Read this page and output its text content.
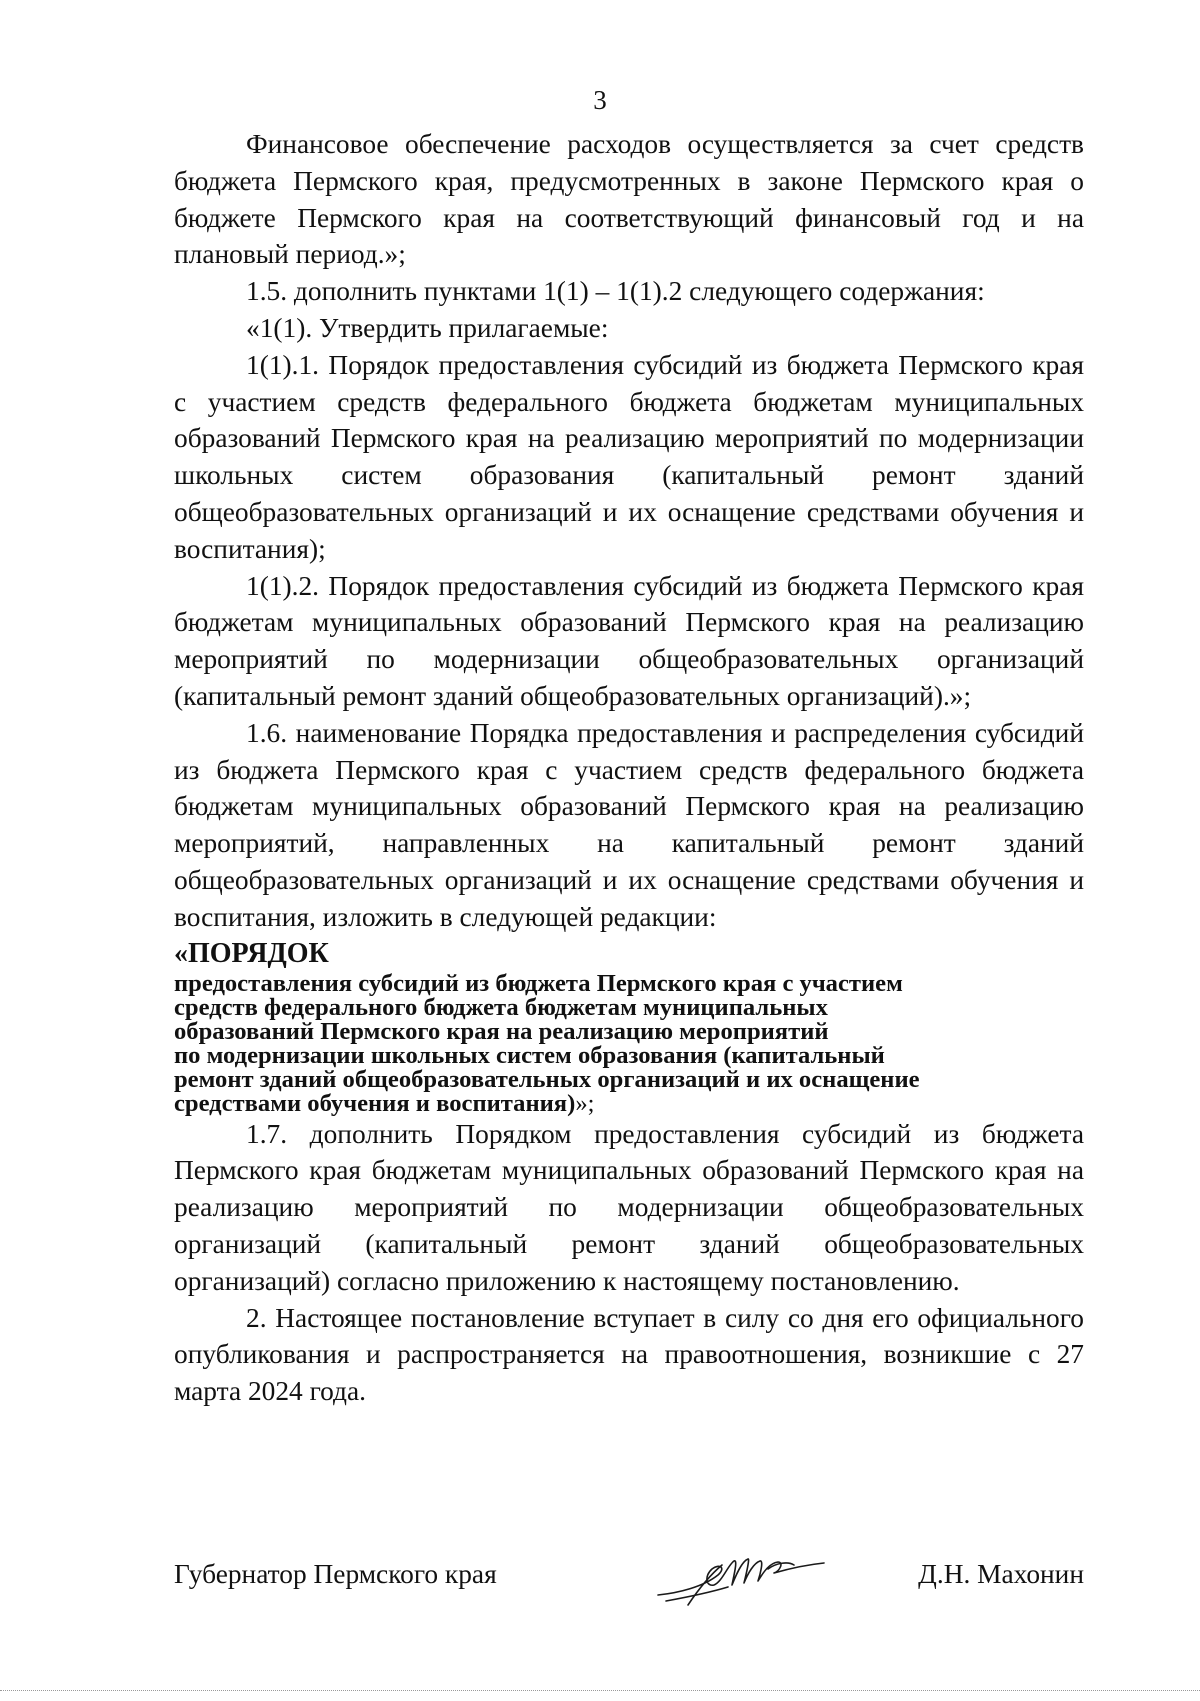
3

Финансовое обеспечение расходов осуществляется за счет средств бюджета Пермского края, предусмотренных в законе Пермского края о бюджете Пермского края на соответствующий финансовый год и на плановый период.»;

1.5. дополнить пунктами 1(1) – 1(1).2 следующего содержания:

«1(1). Утвердить прилагаемые:

1(1).1. Порядок предоставления субсидий из бюджета Пермского края с участием средств федерального бюджета бюджетам муниципальных образований Пермского края на реализацию мероприятий по модернизации школьных систем образования (капитальный ремонт зданий общеобразовательных организаций и их оснащение средствами обучения и воспитания);

1(1).2. Порядок предоставления субсидий из бюджета Пермского края бюджетам муниципальных образований Пермского края на реализацию мероприятий по модернизации общеобразовательных организаций (капитальный ремонт зданий общеобразовательных организаций).»;

1.6. наименование Порядка предоставления и распределения субсидий из бюджета Пермского края с участием средств федерального бюджета бюджетам муниципальных образований Пермского края на реализацию мероприятий, направленных на капитальный ремонт зданий общеобразовательных организаций и их оснащение средствами обучения и воспитания, изложить в следующей редакции:

«ПОРЯДОК

предоставления субсидий из бюджета Пермского края с участием
средств федерального бюджета бюджетам муниципальных
образований Пермского края на реализацию мероприятий
по модернизации школьных систем образования (капитальный
ремонт зданий общеобразовательных организаций и их оснащение
средствами обучения и воспитания)»;

1.7. дополнить Порядком предоставления субсидий из бюджета Пермского края бюджетам муниципальных образований Пермского края на реализацию мероприятий по модернизации общеобразовательных организаций (капитальный ремонт зданий общеобразовательных организаций) согласно приложению к настоящему постановлению.

2. Настоящее постановление вступает в силу со дня его официального опубликования и распространяется на правоотношения, возникшие с 27 марта 2024 года.

Губернатор Пермского края	Д.Н. Махонин
